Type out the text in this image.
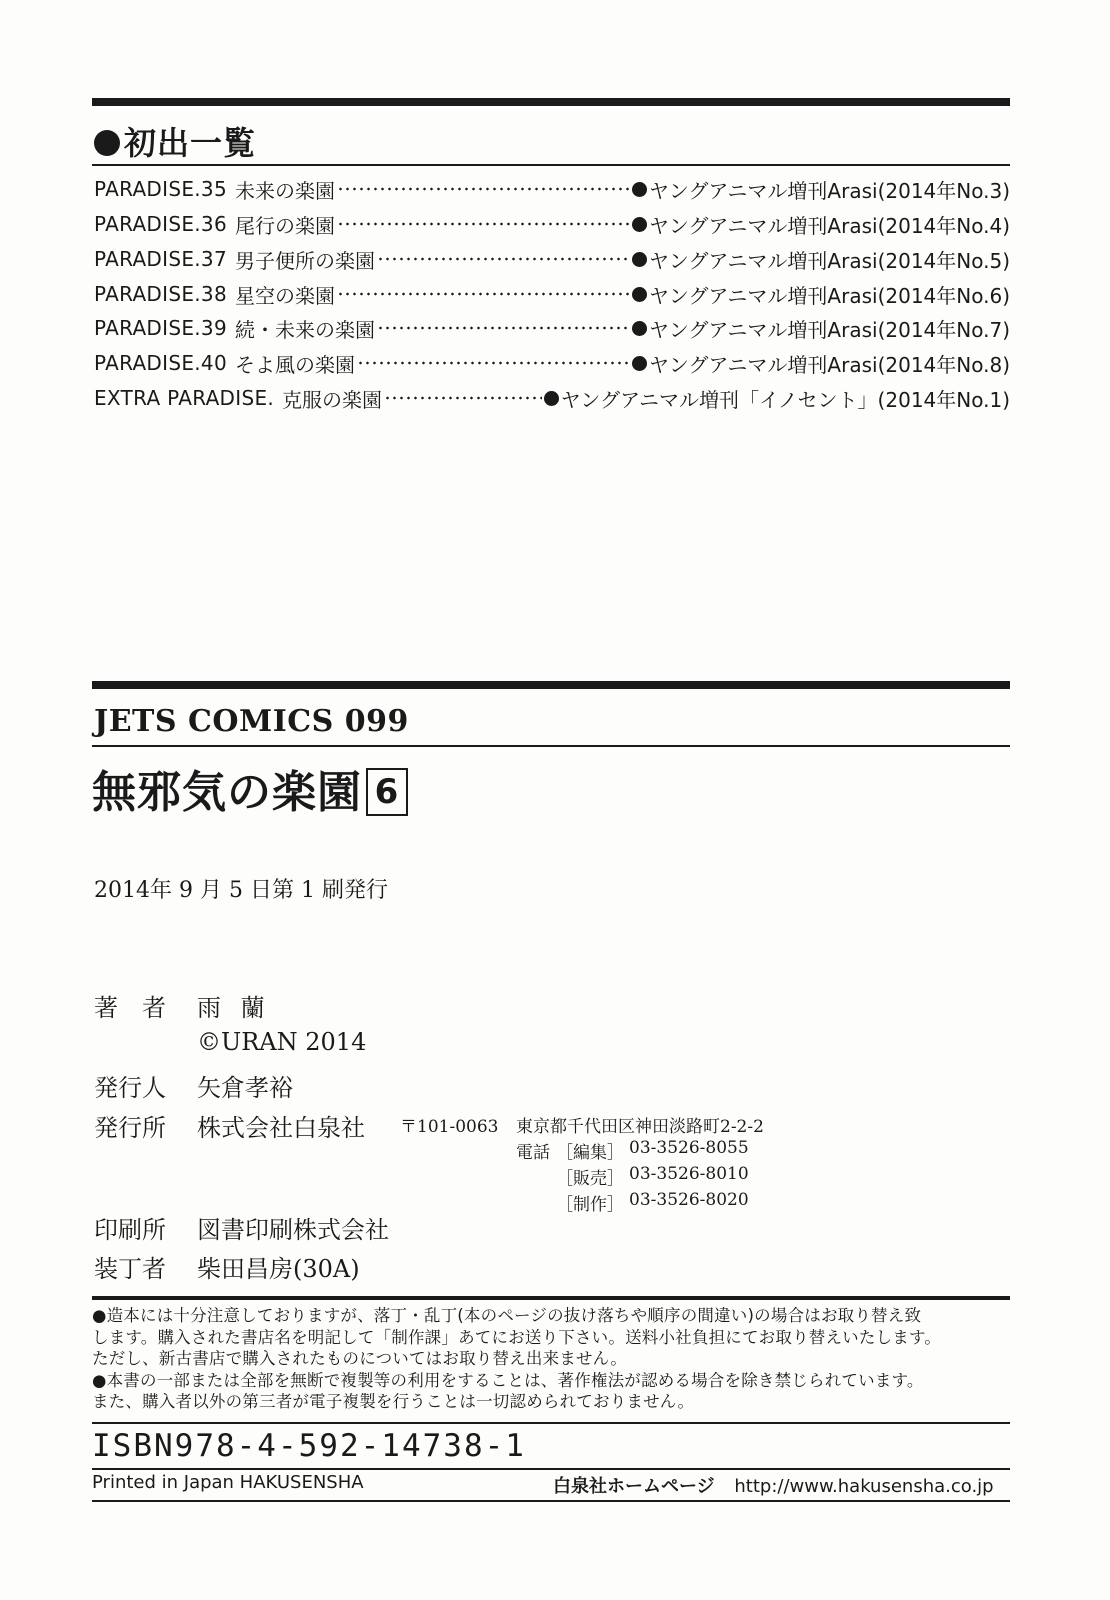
初出一覧
PARADISE.35 未来の楽園	ヤングアニマル増刊Arasi(2014年No.3)
PARADISE.36 尾行の楽園	ヤングアニマル増刊Arasi(2014年No.4)
PARADISE.37 男子便所の楽園	ヤングアニマル増刊Arasi(2014年No.5)
PARADISE.38 星空の楽園	ヤングアニマル増刊Arasi(2014年No.6)
PARADISE.39 続・未来の楽園	ヤングアニマル増刊Arasi(2014年No.7)
PARADISE.40 そよ風の楽園	ヤングアニマル増刊Arasi(2014年No.8)
EXTRA PARADISE. 克服の楽園	ヤングアニマル増刊「イノセント」(2014年No.1)
JETS COMICS 099
無邪気の楽園 6
2014年 9 月 5 日第 1 刷発行
著　者 雨 蘭
©URAN 2014
発行人 矢倉孝裕
発行所 株式会社白泉社 〒101-0063 東京都千代田区神田淡路町2-2-2
電話 ［編集］ 03-3526-8055
［販売］ 03-3526-8010
［制作］ 03-3526-8020
印刷所 図書印刷株式会社
装丁者 柴田昌房(30A)
●造本には十分注意しておりますが、落丁・乱丁(本のページの抜け落ちや順序の間違い)の場合はお取り替え致
します。購入された書店名を明記して「制作課」あてにお送り下さい。送料小社負担にてお取り替えいたします。
ただし、新古書店で購入されたものについてはお取り替え出来ません。
●本書の一部または全部を無断で複製等の利用をすることは、著作権法が認める場合を除き禁じられています。
また、購入者以外の第三者が電子複製を行うことは一切認められておりません。
ISBN978-4-592-14738-1
Printed in Japan HAKUSENSHA	白泉社ホームページ http://www.hakusensha.co.jp
